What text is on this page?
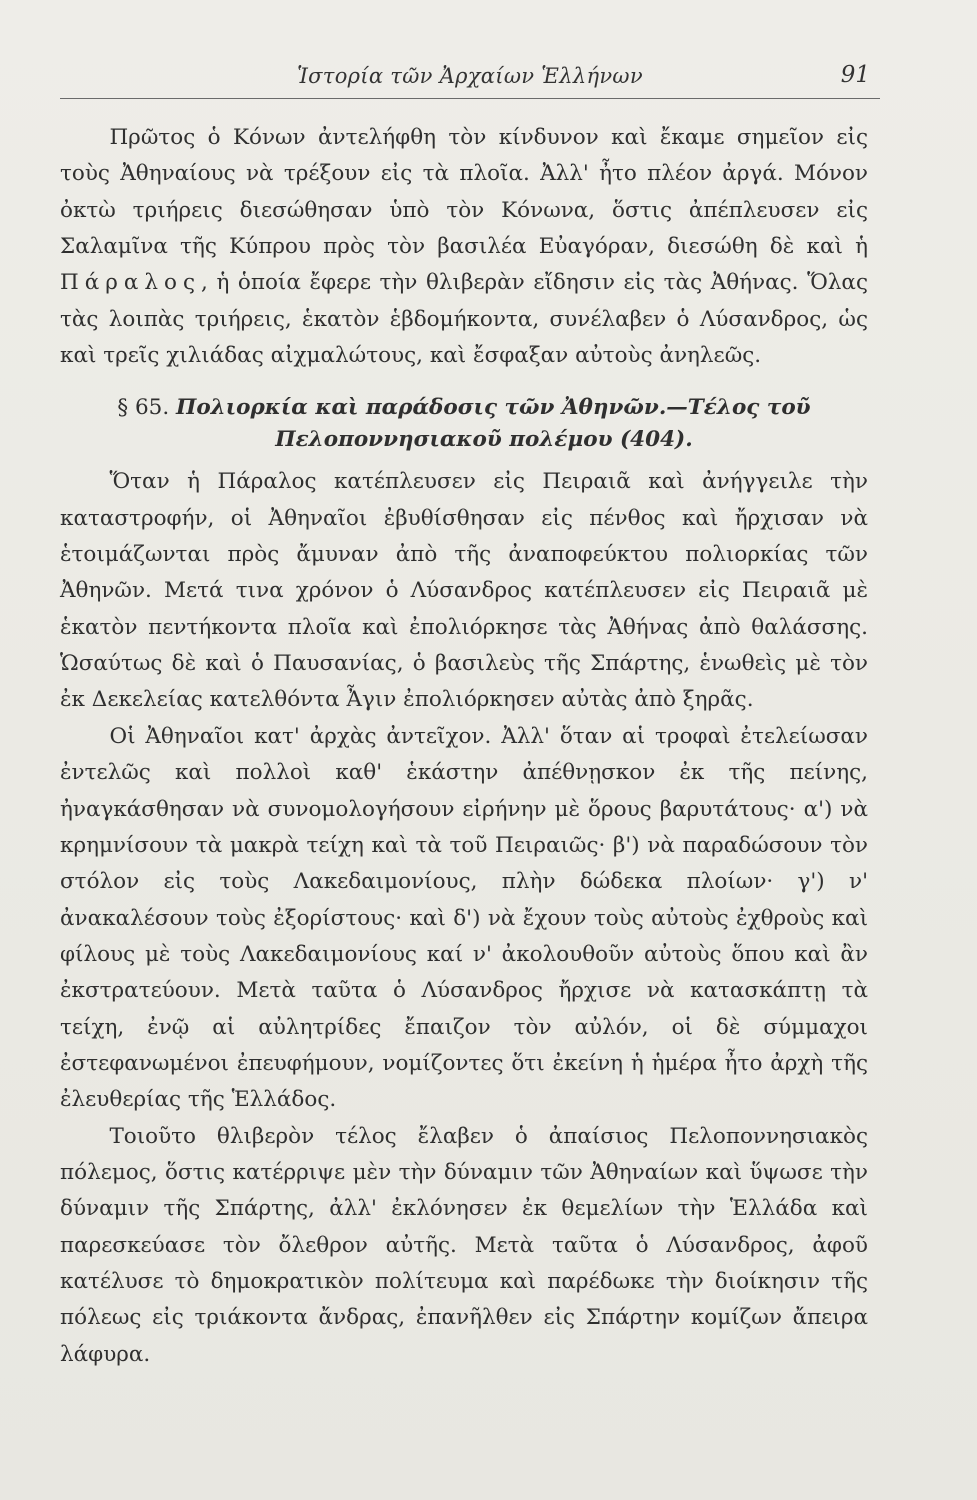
Ἱστορία τῶν Ἀρχαίων Ἑλλήνων	91

Πρῶτος ὁ Κόνων ἀντελήφθη τὸν κίνδυνον καὶ ἔκαμε σημεῖον εἰς τοὺς Ἀθηναίους νὰ τρέξουν εἰς τὰ πλοῖα. Ἀλλ' ἦτο πλέον ἀργά. Μόνον ὀκτὼ τριήρεις διεσώθησαν ὑπὸ τὸν Κόνωνα, ὅστις ἀπέπλευσεν εἰς Σαλαμῖνα τῆς Κύπρου πρὸς τὸν βασιλέα Εὐαγόραν, διεσώθη δὲ καὶ ἡ Πάραλος, ἡ ὁποία ἔφερε τὴν θλιβερὰν εἴδησιν εἰς τὰς Ἀθήνας. Ὅλας τὰς λοιπὰς τριήρεις, ἑκατὸν ἑβδομήκοντα, συνέλαβεν ὁ Λύσανδρος, ὡς καὶ τρεῖς χιλιάδας αἰχμαλώτους, καὶ ἔσφαξαν αὐτοὺς ἀνηλεῶς.

§ 65. Πολιορκία καὶ παράδοσις τῶν Ἀθηνῶν.—Τέλος τοῦ
Πελοποννησιακοῦ πολέμου (404).

Ὅταν ἡ Πάραλος κατέπλευσεν εἰς Πειραιᾶ καὶ ἀνήγγειλε τὴν καταστροφήν, οἱ Ἀθηναῖοι ἐβυθίσθησαν εἰς πένθος καὶ ἤρχισαν νὰ ἑτοιμάζωνται πρὸς ἄμυναν ἀπὸ τῆς ἀναποφεύκτου πολιορκίας τῶν Ἀθηνῶν. Μετά τινα χρόνον ὁ Λύσανδρος κατέπλευσεν εἰς Πειραιᾶ μὲ ἑκατὸν πεντήκοντα πλοῖα καὶ ἐπολιόρκησε τὰς Ἀθήνας ἀπὸ θαλάσσης. Ὡσαύτως δὲ καὶ ὁ Παυσανίας, ὁ βασιλεὺς τῆς Σπάρτης, ἑνωθεὶς μὲ τὸν ἐκ Δεκελείας κατελθόντα Ἆγιν ἐπολιόρκησεν αὐτὰς ἀπὸ ξηρᾶς.

Οἱ Ἀθηναῖοι κατ' ἀρχὰς ἀντεῖχον. Ἀλλ' ὅταν αἱ τροφαὶ ἐτελείωσαν ἐντελῶς καὶ πολλοὶ καθ' ἑκάστην ἀπέθνῃσκον ἐκ τῆς πείνης, ἠναγκάσθησαν νὰ συνομολογήσουν εἰρήνην μὲ ὅρους βαρυτάτους· α') νὰ κρημνίσουν τὰ μακρὰ τείχη καὶ τὰ τοῦ Πειραιῶς· β') νὰ παραδώσουν τὸν στόλον εἰς τοὺς Λακεδαιμονίους, πλὴν δώδεκα πλοίων· γ') ν' ἀνακαλέσουν τοὺς ἐξορίστους· καὶ δ') νὰ ἔχουν τοὺς αὐτοὺς ἐχθροὺς καὶ φίλους μὲ τοὺς Λακεδαιμονίους καί ν' ἀκολουθοῦν αὐτοὺς ὅπου καὶ ἂν ἐκστρατεύουν. Μετὰ ταῦτα ὁ Λύσανδρος ἤρχισε νὰ κατασκάπτῃ τὰ τείχη, ἐνῷ αἱ αὐλητρίδες ἔπαιζον τὸν αὐλόν, οἱ δὲ σύμμαχοι ἐστεφανωμένοι ἐπευφήμουν, νομίζοντες ὅτι ἐκείνη ἡ ἡμέρα ἦτο ἀρχὴ τῆς ἐλευθερίας τῆς Ἑλλάδος.

Τοιοῦτο θλιβερὸν τέλος ἔλαβεν ὁ ἀπαίσιος Πελοποννησιακὸς πόλεμος, ὅστις κατέρριψε μὲν τὴν δύναμιν τῶν Ἀθηναίων καὶ ὕψωσε τὴν δύναμιν τῆς Σπάρτης, ἀλλ' ἐκλόνησεν ἐκ θεμελίων τὴν Ἑλλάδα καὶ παρεσκεύασε τὸν ὄλεθρον αὐτῆς. Μετὰ ταῦτα ὁ Λύσανδρος, ἀφοῦ κατέλυσε τὸ δημοκρατικὸν πολίτευμα καὶ παρέδωκε τὴν διοίκησιν τῆς πόλεως εἰς τριάκοντα ἄνδρας, ἐπανῆλθεν εἰς Σπάρτην κομίζων ἄπειρα λάφυρα.
